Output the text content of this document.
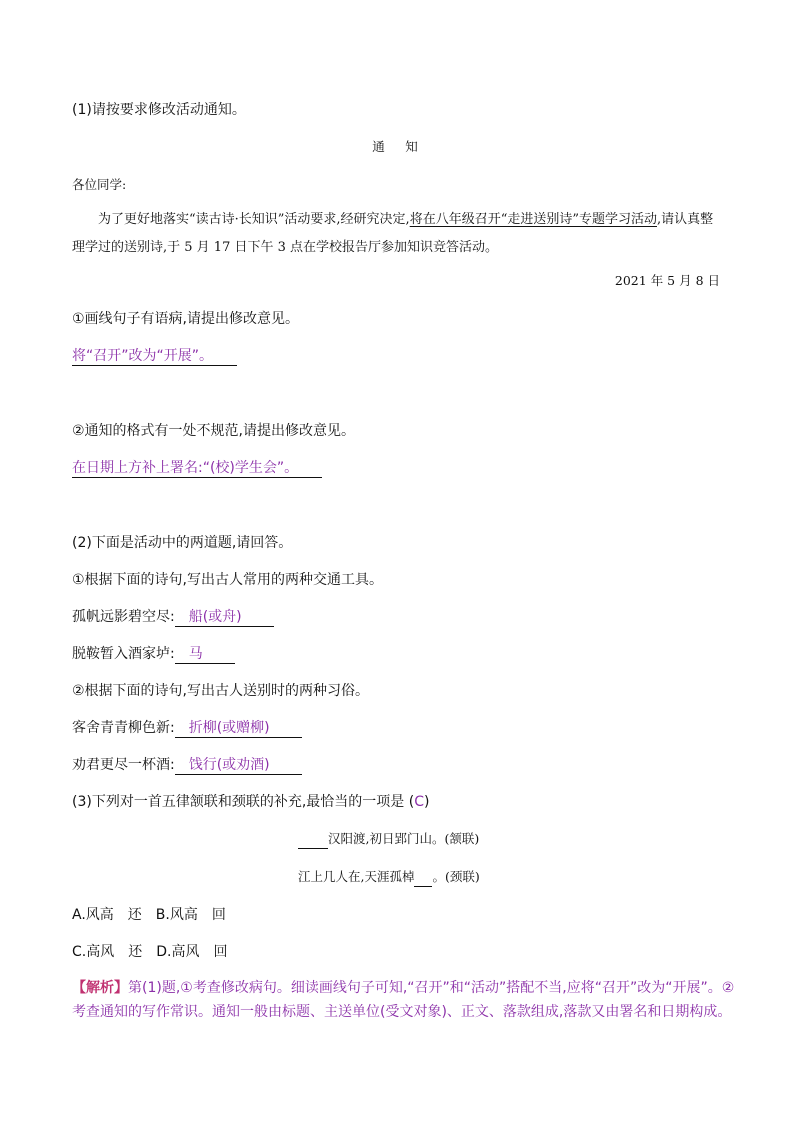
(1)请按要求修改活动通知。
通　知
各位同学:
为了更好地落实“读古诗·长知识”活动要求,经研究决定,将在八年级召开“走进送别诗”专题学习活动,请认真整理学过的送别诗,于 5 月 17 日下午 3 点在学校报告厅参加知识竞答活动。
2021 年 5 月 8 日
①画线句子有语病,请提出修改意见。
将“召开”改为“开展”。
②通知的格式有一处不规范,请提出修改意见。
在日期上方补上署名:“(校)学生会”。
(2)下面是活动中的两道题,请回答。
①根据下面的诗句,写出古人常用的两种交通工具。
孤帆远影碧空尽: 船(或舟)
脱鞍暂入酒家垆: 马
②根据下面的诗句,写出古人送别时的两种习俗。
客舍青青柳色新: 折柳(或赠柳)
劝君更尽一杯酒: 饯行(或劝酒)
(3)下列对一首五律颔联和颈联的补充,最恰当的一项是 (C)
汉阳渡,初日郢门山。(颔联)
江上几人在,天涯孤棹 。(颈联)
A.风高　还　B.风高　回
C.高风　还　D.高风　回
【解析】第(1)题,①考查修改病句。细读画线句子可知,“召开”和“活动”搭配不当,应将“召开”改为“开展”。②考查通知的写作常识。通知一般由标题、主送单位(受文对象)、正文、落款组成,落款又由署名和日期构成。
